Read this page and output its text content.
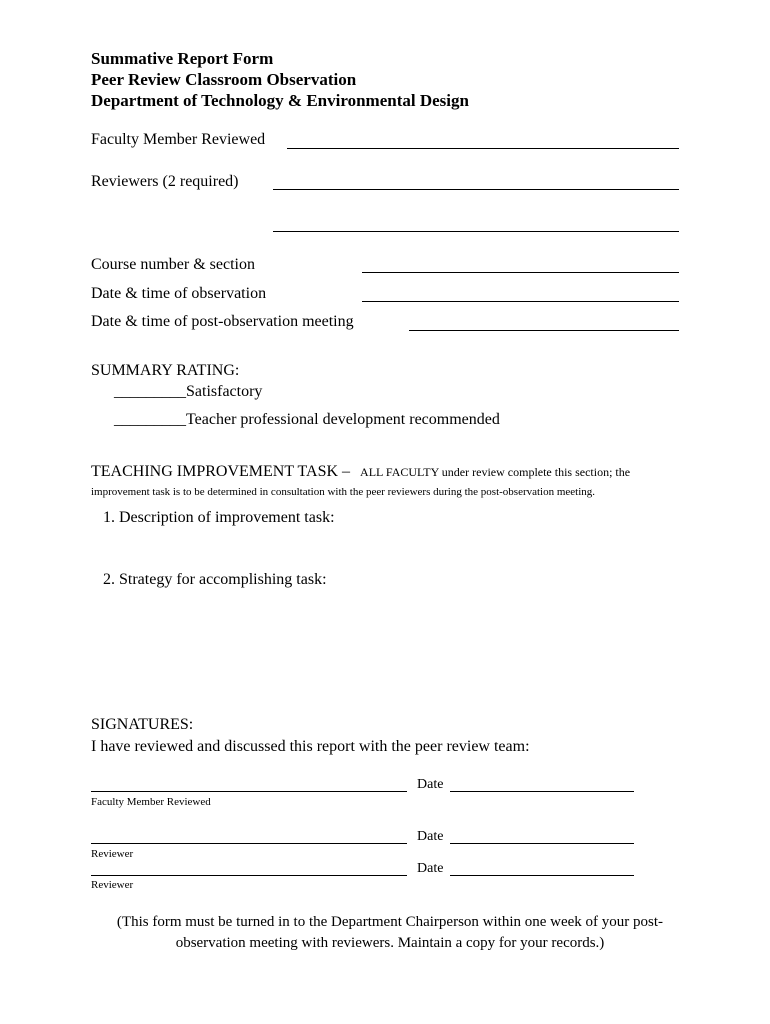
Summative Report Form
Peer Review Classroom Observation
Department of Technology & Environmental Design
Faculty Member Reviewed
Reviewers (2 required)
Course number & section
Date & time of observation
Date & time of post-observation meeting
SUMMARY RATING:
_________Satisfactory
_________Teacher professional development recommended
TEACHING IMPROVEMENT TASK – ALL FACULTY under review complete this section; the
improvement task is to be determined in consultation with the peer reviewers during the post-observation meeting.
1. Description of improvement task:
2. Strategy for accomplishing task:
SIGNATURES:
I have reviewed and discussed this report with the peer review team:
Date
Faculty Member Reviewed
Date
Reviewer
Date
Reviewer
(This form must be turned in to the Department Chairperson within one week of your post-
observation meeting with reviewers. Maintain a copy for your records.)
